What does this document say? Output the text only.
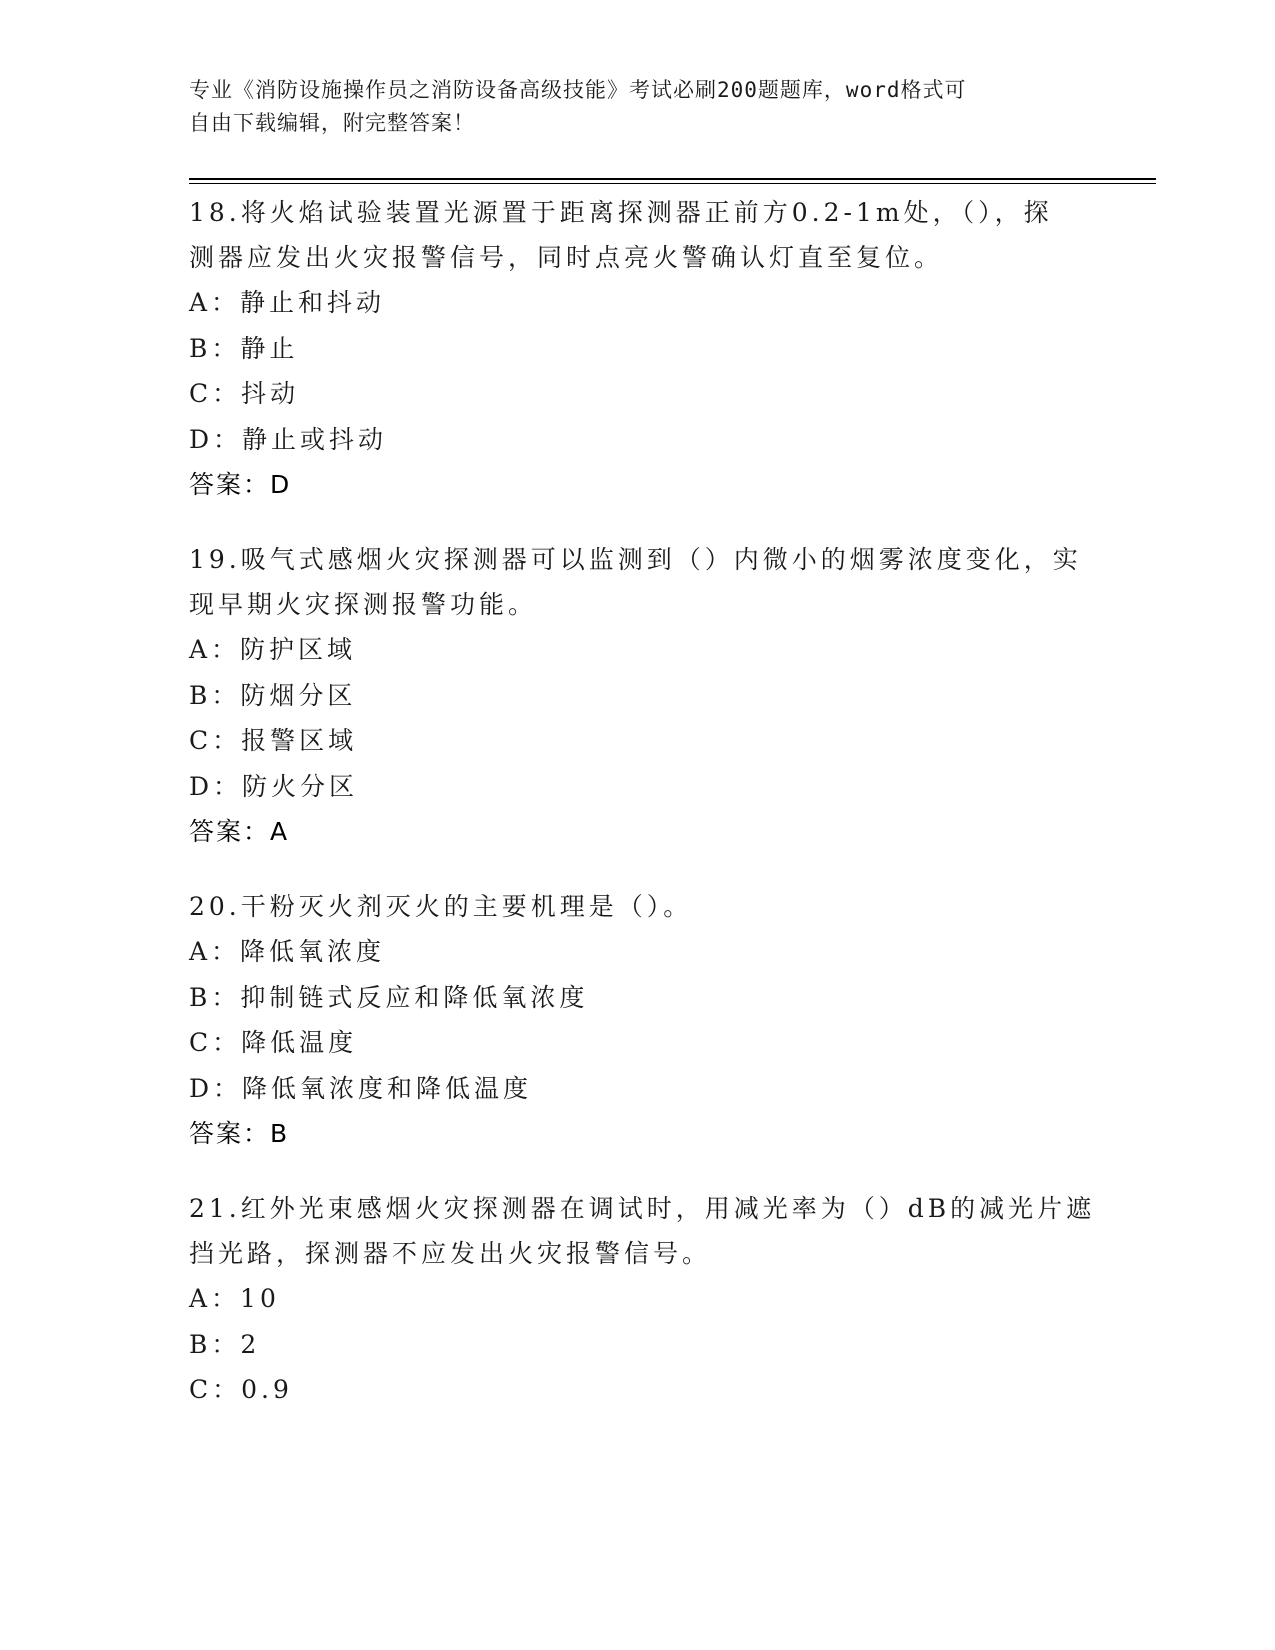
专业《消防设施操作员之消防设备高级技能》考试必刷200题题库，word格式可
自由下载编辑，附完整答案！
18.将火焰试验装置光源置于距离探测器正前方0.2-1m处，（），探
测器应发出火灾报警信号，同时点亮火警确认灯直至复位。
A：静止和抖动
B：静止
C：抖动
D：静止或抖动
答案：D
19.吸气式感烟火灾探测器可以监测到（）内微小的烟雾浓度变化，实
现早期火灾探测报警功能。
A：防护区域
B：防烟分区
C：报警区域
D：防火分区
答案：A
20.干粉灭火剂灭火的主要机理是（）。
A：降低氧浓度
B：抑制链式反应和降低氧浓度
C：降低温度
D：降低氧浓度和降低温度
答案：B
21.红外光束感烟火灾探测器在调试时，用减光率为（）dB的减光片遮
挡光路，探测器不应发出火灾报警信号。
A：10
B：2
C：0.9
